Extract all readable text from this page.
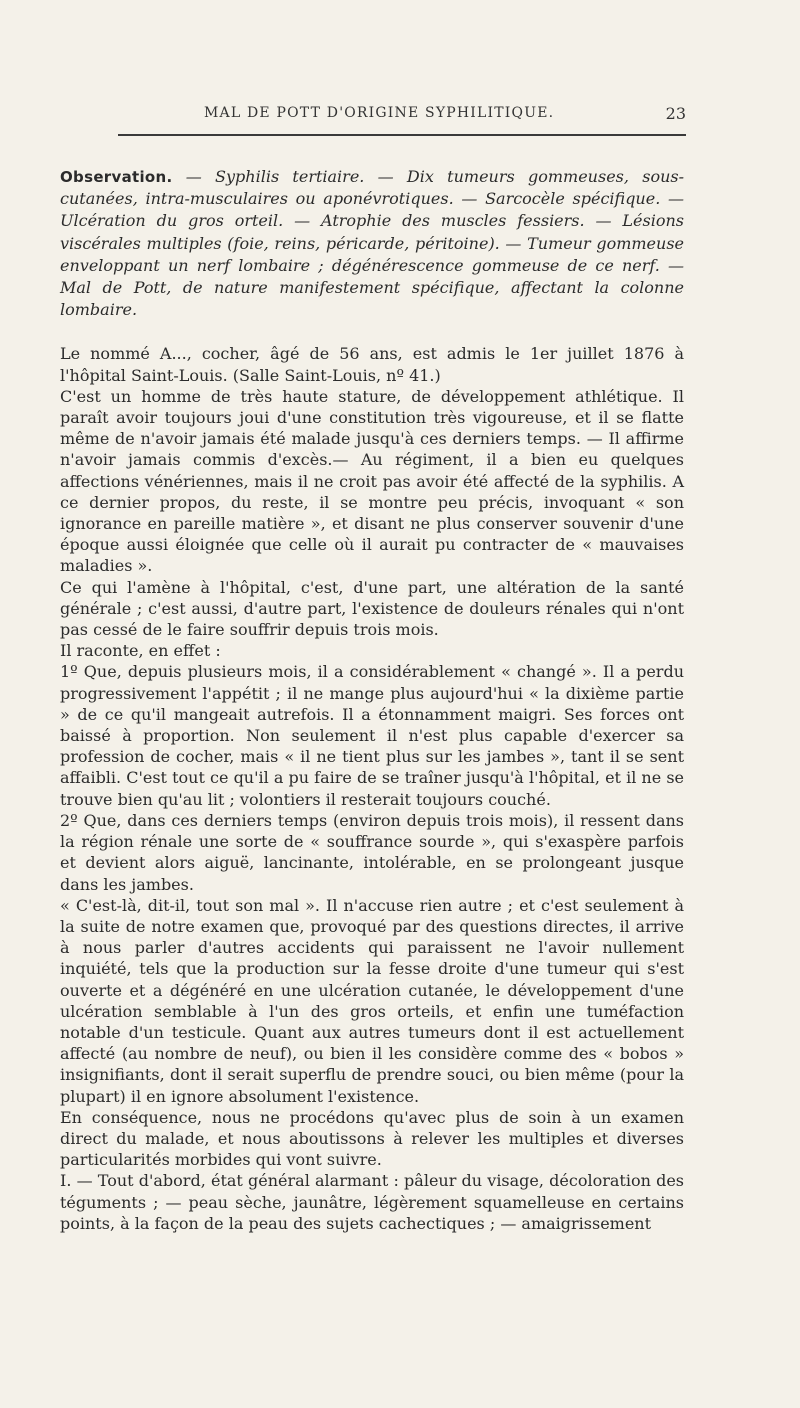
MAL DE POTT D'ORIGINE SYPHILITIQUE.	23

Observation. — Syphilis tertiaire. — Dix tumeurs gommeuses, sous-cutanées, intra-musculaires ou aponévrotiques. — Sarcocèle spécifique. — Ulcération du gros orteil. — Atrophie des muscles fessiers. — Lésions viscérales multiples (foie, reins, péricarde, péritoine). — Tumeur gommeuse enveloppant un nerf lombaire ; dégénérescence gommeuse de ce nerf. — Mal de Pott, de nature manifestement spécifique, affectant la colonne lombaire.

Le nommé A..., cocher, âgé de 56 ans, est admis le 1er juillet 1876 à l'hôpital Saint-Louis. (Salle Saint-Louis, nº 41.)

C'est un homme de très haute stature, de développement athlétique. Il paraît avoir toujours joui d'une constitution très vigoureuse, et il se flatte même de n'avoir jamais été malade jusqu'à ces derniers temps. — Il affirme n'avoir jamais commis d'excès.— Au régiment, il a bien eu quelques affections vénériennes, mais il ne croit pas avoir été affecté de la syphilis. A ce dernier propos, du reste, il se montre peu précis, invoquant « son ignorance en pareille matière », et disant ne plus conserver souvenir d'une époque aussi éloignée que celle où il aurait pu contracter de « mauvaises maladies ».

Ce qui l'amène à l'hôpital, c'est, d'une part, une altération de la santé générale ; c'est aussi, d'autre part, l'existence de douleurs rénales qui n'ont pas cessé de le faire souffrir depuis trois mois.

Il raconte, en effet :

1º Que, depuis plusieurs mois, il a considérablement « changé ». Il a perdu progressivement l'appétit ; il ne mange plus aujourd'hui « la dixième partie » de ce qu'il mangeait autrefois. Il a étonnamment maigri. Ses forces ont baissé à proportion. Non seulement il n'est plus capable d'exercer sa profession de cocher, mais « il ne tient plus sur les jambes », tant il se sent affaibli. C'est tout ce qu'il a pu faire de se traîner jusqu'à l'hôpital, et il ne se trouve bien qu'au lit ; volontiers il resterait toujours couché.

2º Que, dans ces derniers temps (environ depuis trois mois), il ressent dans la région rénale une sorte de « souffrance sourde », qui s'exaspère parfois et devient alors aiguë, lancinante, intolérable, en se prolongeant jusque dans les jambes.

« C'est-là, dit-il, tout son mal ». Il n'accuse rien autre ; et c'est seulement à la suite de notre examen que, provoqué par des questions directes, il arrive à nous parler d'autres accidents qui paraissent ne l'avoir nullement inquiété, tels que la production sur la fesse droite d'une tumeur qui s'est ouverte et a dégénéré en une ulcération cutanée, le développement d'une ulcération semblable à l'un des gros orteils, et enfin une tuméfaction notable d'un testicule. Quant aux autres tumeurs dont il est actuellement affecté (au nombre de neuf), ou bien il les considère comme des « bobos » insignifiants, dont il serait superflu de prendre souci, ou bien même (pour la plupart) il en ignore absolument l'existence.

En conséquence, nous ne procédons qu'avec plus de soin à un examen direct du malade, et nous aboutissons à relever les multiples et diverses particularités morbides qui vont suivre.

I. — Tout d'abord, état général alarmant : pâleur du visage, décoloration des téguments ; — peau sèche, jaunâtre, légèrement squamelleuse en certains points, à la façon de la peau des sujets cachectiques ; — amaigrissement
